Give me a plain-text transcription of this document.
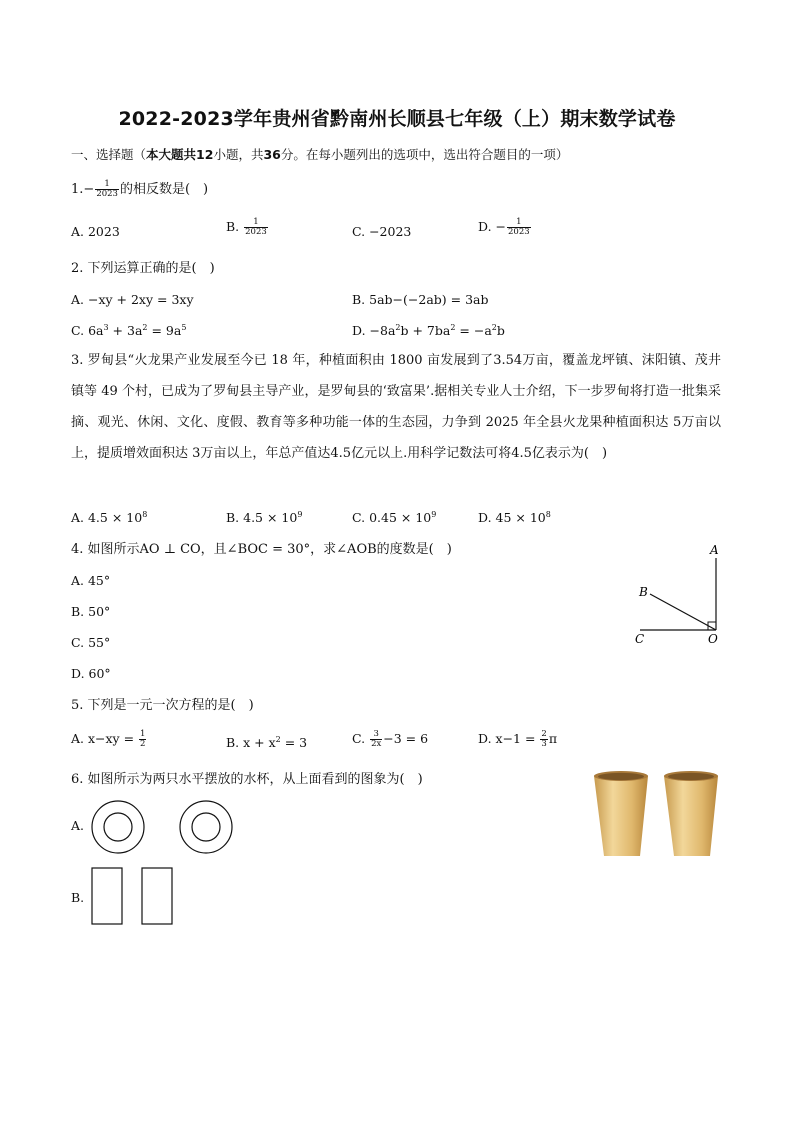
2022-2023学年贵州省黔南州长顺县七年级（上）期末数学试卷
一、选择题（本大题共12小题，共36分。在每小题列出的选项中，选出符合题目的一项）
$1.- \frac{1}{2023}$ 的相反数是(　)
A. 2023	B. $\frac{1}{2023}$	C. −2023	D. − $\frac{1}{2023}$
2. 下列运算正确的是(　)
A. −xy + 2xy = 3xy	B. 5ab−(−2ab) = 3ab
C. $6a^3 + 3a^2 = 9a^5$	D. $-8a^2b + 7ba^2 = -a^2b$
3. 罗甸县“火龙果产业发展至今已 18 年，种植面积由 1800 亩发展到了3.54万亩，覆盖龙坪镇、沫阳镇、茂井镇等 49 个村，已成为了罗甸县主导产业，是罗甸县的‘致富果’.据相关专业人士介绍，下一步罗甸将打造一批集采摘、观光、休闲、文化、度假、教育等多种功能一体的生态园，力争到 2025 年全县火龙果种植面积达 5万亩以上，提质增效面积达 3万亩以上，年总产值达4.5亿元以上.用科学记数法可将4.5亿表示为(　)
A. $4.5 \times 10^8$	B. $4.5 \times 10^9$	C. $0.45 \times 10^9$	D. $45 \times 10^8$
4. 如图所示AO ⊥ CO，且∠BOC = 30°，求∠AOB的度数是(　)
A. 45°
B. 50°
C. 55°
D. 60°
A
B
C	O
5. 下列是一元一次方程的是(　)
A. $x-xy = \frac{1}{2}$	B. $x + x^2 = 3$	C. $\frac{3}{2x} -3 = 6$	D. $x-1 = \frac{2}{3}$ π
6. 如图所示为两只水平摆放的水杯，从上面看到的图象为(　)
A.
B.
